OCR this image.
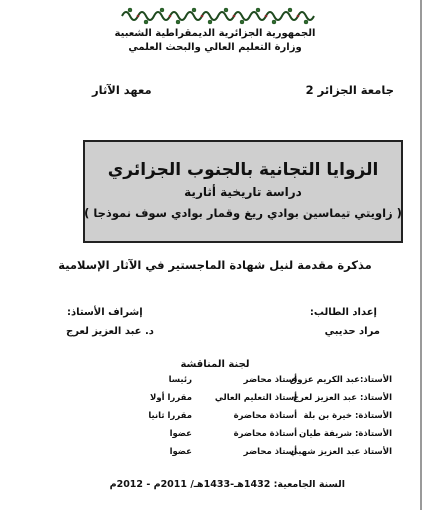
الجمهورية الجزائرية الديمقراطية الشعبية
وزارة التعليم العالي والبحث العلمي
جامعة الجزائر 2
معهد الآثار
الزوايا التجانية بالجنوب الجزائري
دراسة تاريخية أثارية
( زاويتي تيماسين بوادي ريغ وقمار بوادي سوف نموذجا )
مذكرة مقدمة لنيل شهادة الماجستير في الآثار الإسلامية
إعداد الطالب:
إشراف الأستاذ:
مراد حديبي
د. عبد العزيز لعرج
لجنة المناقشة
الأستاذ:عبد الكريم عزوق
أستاذ محاضر
رئيسا
الأستاذ: عبد العزيز لعرج
أستاذ التعليم العالي
مقررا أولا
الأستاذة: خيرة بن بلة
أستاذة محاضرة
مقررا ثانيا
الأستاذة: شريفة طيان
أستاذة محاضرة
عضوا
الأستاذ عبد العزيز شهبي
أستاذ محاضر
عضوا
السنة الجامعية: 1432هـ-1433هـ/ 2011م - 2012م
